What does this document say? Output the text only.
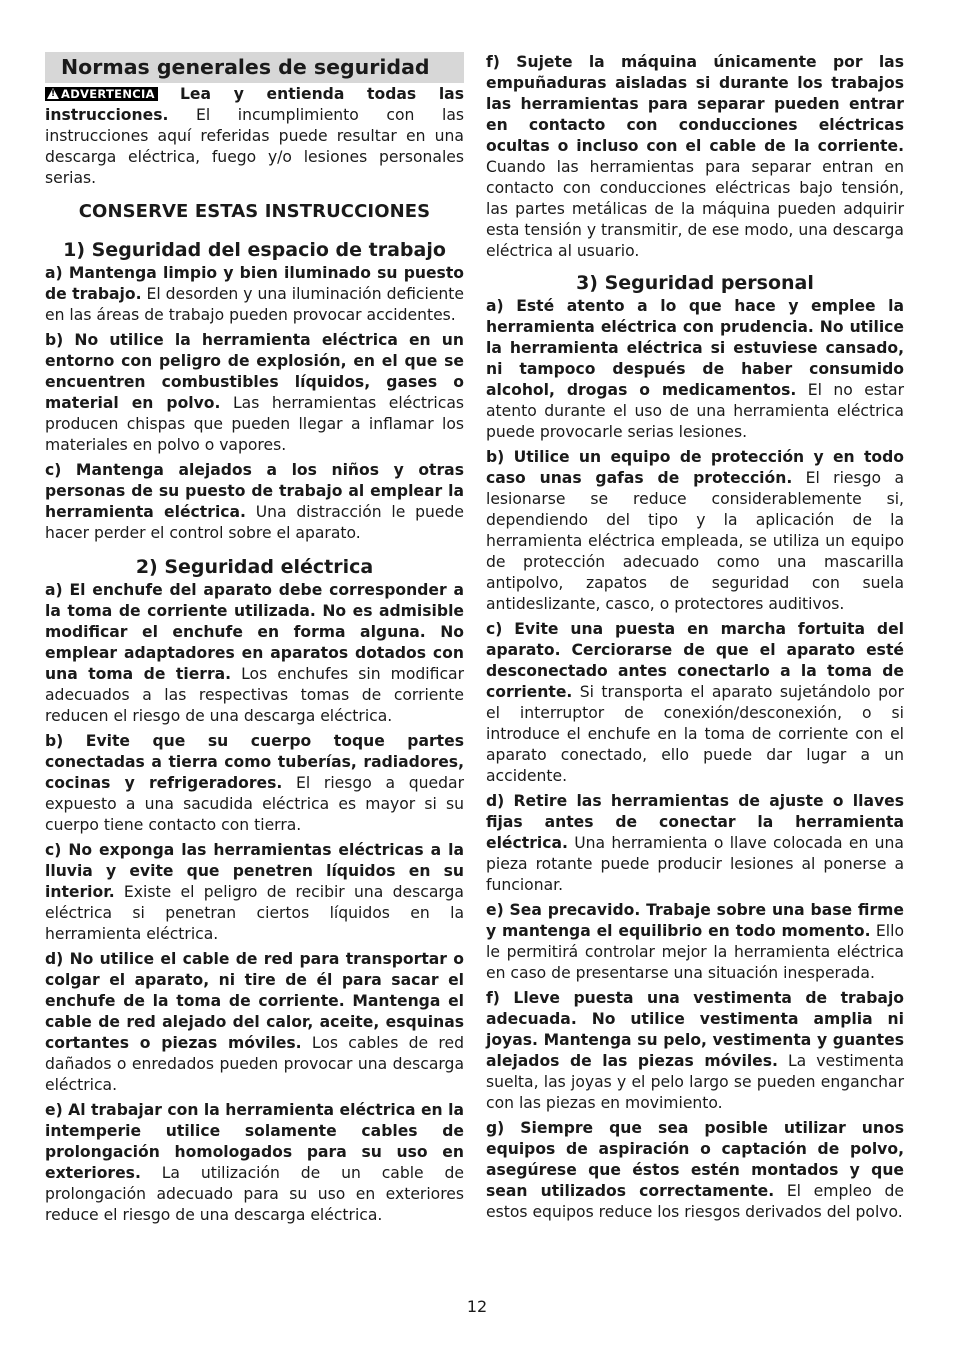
Normas generales de seguridad

! ADVERTENCIA Lea y entienda todas las instrucciones. El incumplimiento con las instrucciones aquí referidas puede resultar en una descarga eléctrica, fuego y/o lesiones personales serias.

CONSERVE ESTAS INSTRUCCIONES
1) Seguridad del espacio de trabajo

a) Mantenga limpio y bien iluminado su puesto de trabajo. El desorden y una iluminación deficiente en las áreas de trabajo pueden provocar accidentes.

b) No utilice la herramienta eléctrica en un entorno con peligro de explosión, en el que se encuentren combustibles líquidos, gases o material en polvo. Las herramientas eléctricas producen chispas que pueden llegar a inflamar los materiales en polvo o vapores.

c) Mantenga alejados a los niños y otras personas de su puesto de trabajo al emplear la herramienta eléctrica. Una distracción le puede hacer perder el control sobre el aparato.

2) Seguridad eléctrica

a) El enchufe del aparato debe corresponder a la toma de corriente utilizada. No es admisible modificar el enchufe en forma alguna. No emplear adaptadores en aparatos dotados con una toma de tierra. Los enchufes sin modificar adecuados a las respectivas tomas de corriente reducen el riesgo de una descarga eléctrica.

b) Evite que su cuerpo toque partes conectadas a tierra como tuberías, radiadores, cocinas y refrigeradores. El riesgo a quedar expuesto a una sacudida eléctrica es mayor si su cuerpo tiene contacto con tierra.

c) No exponga las herramientas eléctricas a la lluvia y evite que penetren líquidos en su interior. Existe el peligro de recibir una descarga eléctrica si penetran ciertos líquidos en la herramienta eléctrica.

d) No utilice el cable de red para transportar o colgar el aparato, ni tire de él para sacar el enchufe de la toma de corriente. Mantenga el cable de red alejado del calor, aceite, esquinas cortantes o piezas móviles. Los cables de red dañados o enredados pueden provocar una descarga eléctrica.

e) Al trabajar con la herramienta eléctrica en la intemperie utilice solamente cables de prolongación homologados para su uso en exteriores. La utilización de un cable de prolongación adecuado para su uso en exteriores reduce el riesgo de una descarga eléctrica.

f) Sujete la máquina únicamente por las empuñaduras aisladas si durante los trabajos las herramientas para separar pueden entrar en contacto con conducciones eléctricas ocultas o incluso con el cable de la corriente. Cuando las herramientas para separar entran en contacto con conducciones eléctricas bajo tensión, las partes metálicas de la máquina pueden adquirir esta tensión y transmitir, de ese modo, una descarga eléctrica al usuario.

3) Seguridad personal

a) Esté atento a lo que hace y emplee la herramienta eléctrica con prudencia. No utilice la herramienta eléctrica si estuviese cansado, ni tampoco después de haber consumido alcohol, drogas o medicamentos. El no estar atento durante el uso de una herramienta eléctrica puede provocarle serias lesiones.

b) Utilice un equipo de protección y en todo caso unas gafas de protección. El riesgo a lesionarse se reduce considerablemente si, dependiendo del tipo y la aplicación de la herramienta eléctrica empleada, se utiliza un equipo de protección adecuado como una mascarilla antipolvo, zapatos de seguridad con suela antideslizante, casco, o protectores auditivos.

c) Evite una puesta en marcha fortuita del aparato. Cerciorarse de que el aparato esté desconectado antes conectarlo a la toma de corriente. Si transporta el aparato sujetándolo por el interruptor de conexión/desconexión, o si introduce el enchufe en la toma de corriente con el aparato conectado, ello puede dar lugar a un accidente.

d) Retire las herramientas de ajuste o llaves fijas antes de conectar la herramienta eléctrica. Una herramienta o llave colocada en una pieza rotante puede producir lesiones al ponerse a funcionar.

e) Sea precavido. Trabaje sobre una base firme y mantenga el equilibrio en todo momento. Ello le permitirá controlar mejor la herramienta eléctrica en caso de presentarse una situación inesperada.

f) Lleve puesta una vestimenta de trabajo adecuada. No utilice vestimenta amplia ni joyas. Mantenga su pelo, vestimenta y guantes alejados de las piezas móviles. La vestimenta suelta, las joyas y el pelo largo se pueden enganchar con las piezas en movimiento.

g) Siempre que sea posible utilizar unos equipos de aspiración o captación de polvo, asegúrese que éstos estén montados y que sean utilizados correctamente. El empleo de estos equipos reduce los riesgos derivados del polvo.

12
